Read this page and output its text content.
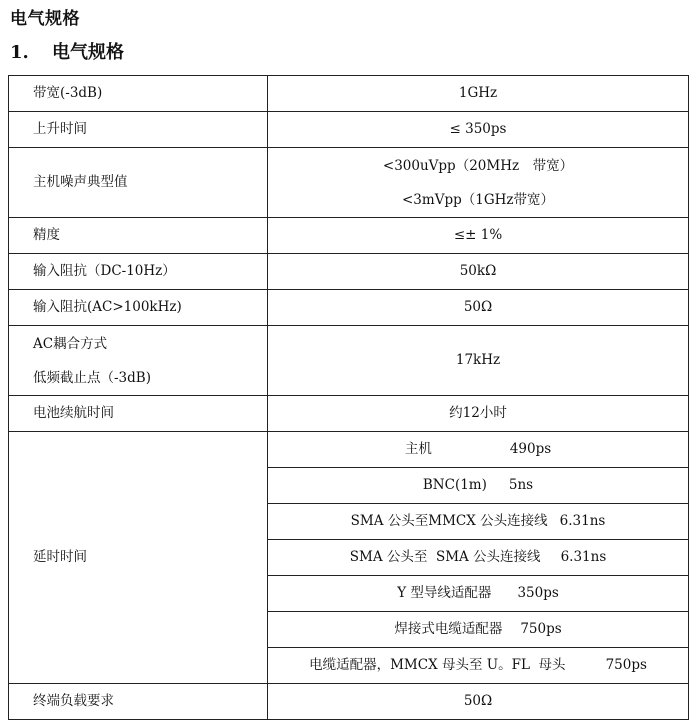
电气规格
1. 电气规格
带宽(-3dB)	1GHz
上升时间	≤ 350ps
主机噪声典型值	<300uVpp（20MHz　带宽）
<3mVpp（1GHz带宽）

精度	≤± 1%
输入阻抗（DC-10Hz）	50kΩ
输入阻抗(AC>100kHz)	50Ω

AC耦合方式
低频截止点（-3dB)	17kHz
电池续航时间	约12小时
延时时间	主机 490ps
	BNC(1m) 5ns
	SMA 公头至MMCX 公头连接线 6.31ns
	SMA 公头至  SMA 公头连接线 6.31ns
	Y 型导线适配器 350ps
	焊接式电缆适配器 750ps
	电缆适配器，MMCX 母头至 U。FL  母头 750ps
终端负载要求	50Ω
